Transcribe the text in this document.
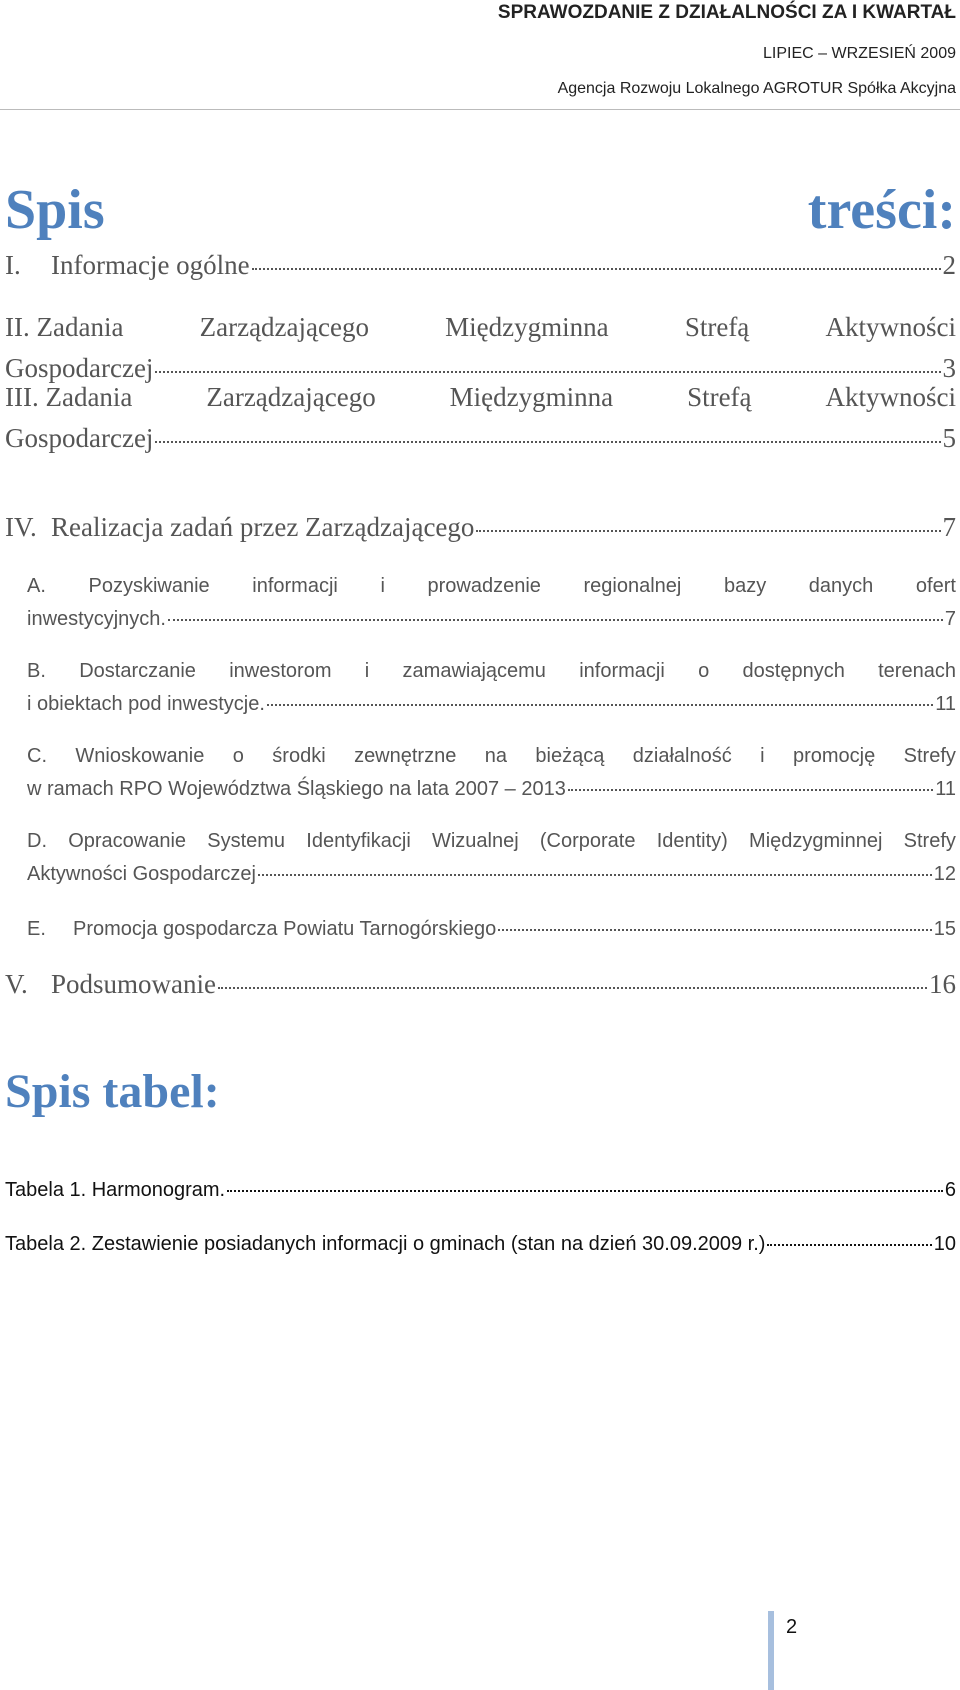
SPRAWOZDANIE Z DZIAŁALNOŚCI ZA I KWARTAŁ
LIPIEC – WRZESIEŃ 2009
Agencja Rozwoju Lokalnego AGROTUR Spółka Akcyjna
Spis	treści:
I.	Informacje ogólne	2
II. Zadania	Zarządzającego	Międzygminna	Strefą	Aktywności
Gospodarczej	3
III. Zadania	Zarządzającego	Międzygminna	Strefą	Aktywności
Gospodarczej	5
IV. Realizacja zadań przez Zarządzającego	7
A. Pozyskiwanie informacji i prowadzenie regionalnej bazy danych ofert
inwestycyjnych.	7
B. Dostarczanie inwestorom i zamawiającemu informacji o dostępnych terenach
i obiektach pod inwestycje.	11
C. Wnioskowanie o środki zewnętrzne na bieżącą działalność i promocję Strefy
w ramach RPO Województwa Śląskiego na lata 2007 – 2013	11
D. Opracowanie Systemu Identyfikacji Wizualnej (Corporate Identity) Międzygminnej Strefy
Aktywności Gospodarczej	12
E.	Promocja gospodarcza Powiatu Tarnogórskiego	15
V. Podsumowanie	16
Spis tabel:
Tabela 1. Harmonogram.	6
Tabela 2. Zestawienie posiadanych informacji o gminach (stan na dzień 30.09.2009 r.)	10
2
